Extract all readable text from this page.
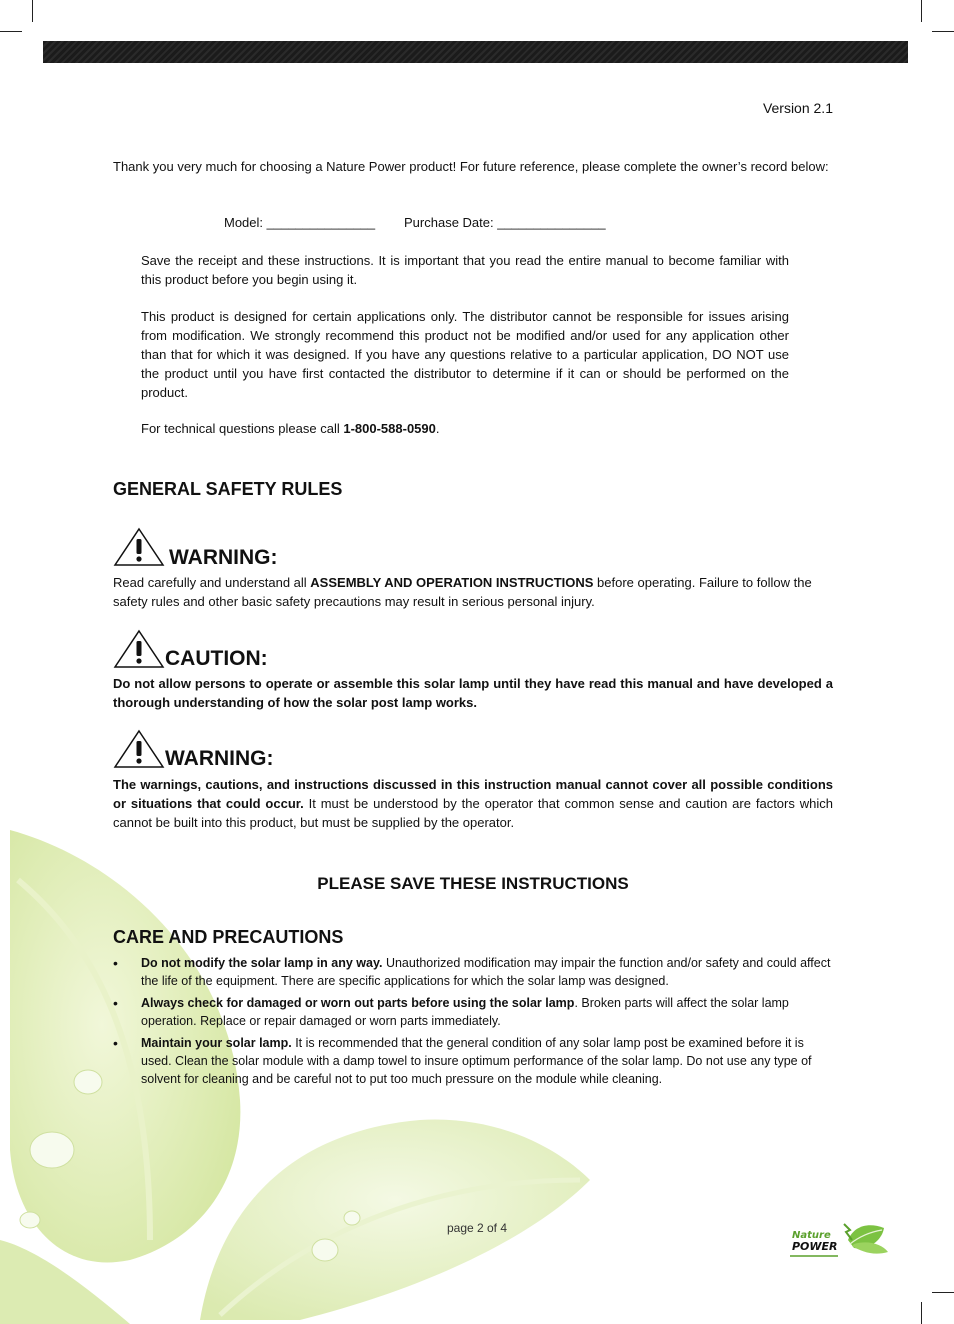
Version 2.1

Thank you very much for choosing a Nature Power product! For future reference, please complete the owner’s record below:

Model: _______________ Purchase Date: _______________

Save the receipt and these instructions. It is important that you read the entire manual to become familiar with this product before you begin using it.

This product is designed for certain applications only. The distributor cannot be responsible for issues arising from modification. We strongly recommend this product not be modified and/or used for any application other than that for which it was designed. If you have any questions relative to a particular application, DO NOT use the product until you have first contacted the distributor to determine if it can or should be performed on the product.

For technical questions please call 1-800-588-0590.

GENERAL SAFETY RULES
WARNING:

Read carefully and understand all ASSEMBLY AND OPERATION INSTRUCTIONS before operating. Failure to follow the safety rules and other basic safety precautions may result in serious personal injury.

CAUTION:

Do not allow persons to operate or assemble this solar lamp until they have read this manual and have developed a thorough understanding of how the solar post lamp works.

WARNING:

The warnings, cautions, and instructions discussed in this instruction manual cannot cover all possible conditions or situations that could occur. It must be understood by the operator that common sense and caution are factors which cannot be built into this product, but must be supplied by the operator.

PLEASE SAVE THESE INSTRUCTIONS
CARE AND PRECAUTIONS
• Do not modify the solar lamp in any way. Unauthorized modification may impair the function and/or safety and could affect the life of the equipment. There are specific applications for which the solar lamp was designed.
• Always check for damaged or worn out parts before using the solar lamp. Broken parts will affect the solar lamp operation. Replace or repair damaged or worn parts immediately.
• Maintain your solar lamp. It is recommended that the general condition of any solar lamp post be examined before it is used. Clean the solar module with a damp towel to insure optimum performance of the solar lamp. Do not use any type of solvent for cleaning and be careful not to put too much pressure on the module while cleaning.
page 2 of 4
Nature
POWER
